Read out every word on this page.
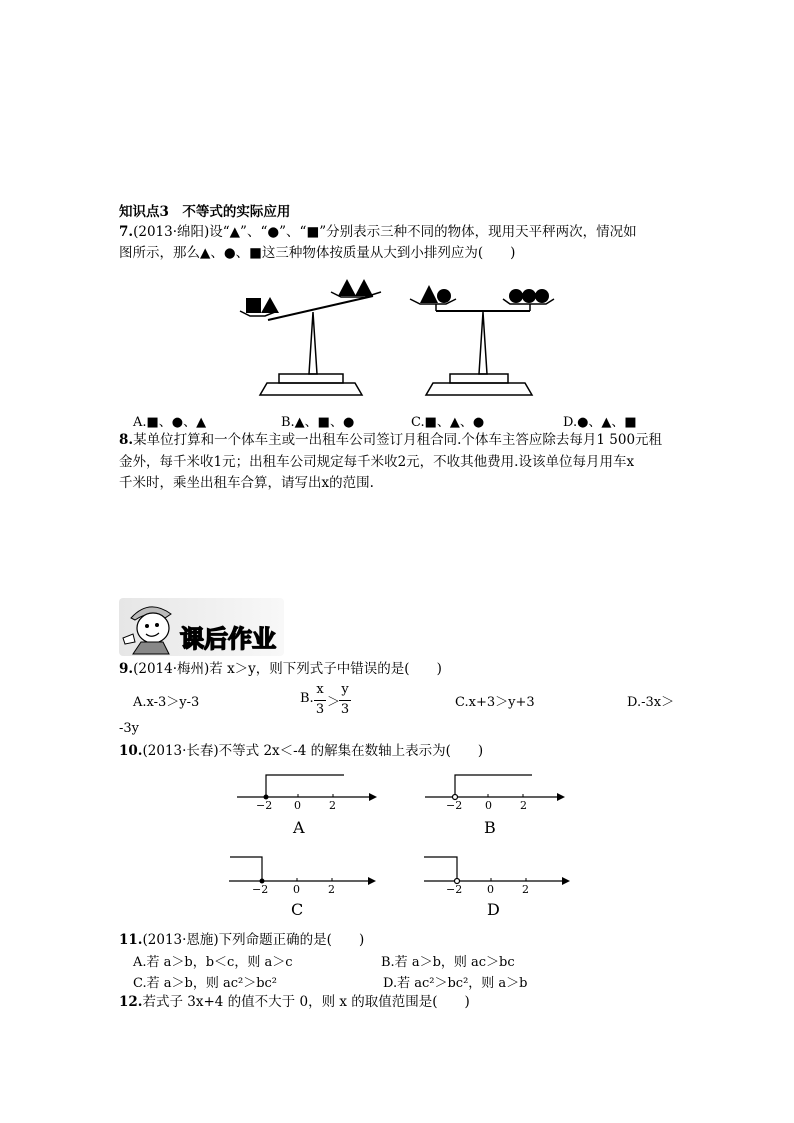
知识点3　不等式的实际应用
7.(2013·绵阳)设“▲”、“●”、“■”分别表示三种不同的物体，现用天平秤两次，情况如
图所示，那么▲、●、■这三种物体按质量从大到小排列应为(　　)
A.■、●、▲	B.▲、■、●	C.■、▲、●	D.●、▲、■
8.某单位打算和一个体车主或一出租车公司签订月租合同.个体车主答应除去每月1 500元租
金外，每千米收1元；出租车公司规定每千米收2元，不收其他费用.设该单位每月用车x
千米时，乘坐出租车合算，请写出x的范围.
课后作业
9.(2014·梅州)若 x＞y，则下列式子中错误的是(　　)
A.x-3＞y-3	B.
x
3 ＞
y
3	C.x+3＞y+3	D.-3x＞
-3y
10.(2013·长春)不等式 2x＜-4 的解集在数轴上表示为(　　)
−2 0	2
A
−2 0	2
B
−2 0	2
C
−2 0	2
D
11.(2013·恩施)下列命题正确的是(　　)
A.若 a＞b，b＜c，则 a＞c	B.若 a＞b，则 ac＞bc
C.若 a＞b，则 ac²＞bc²	D.若 ac²＞bc²，则 a＞b
12.若式子 3x+4 的值不大于 0，则 x 的取值范围是(　　)
